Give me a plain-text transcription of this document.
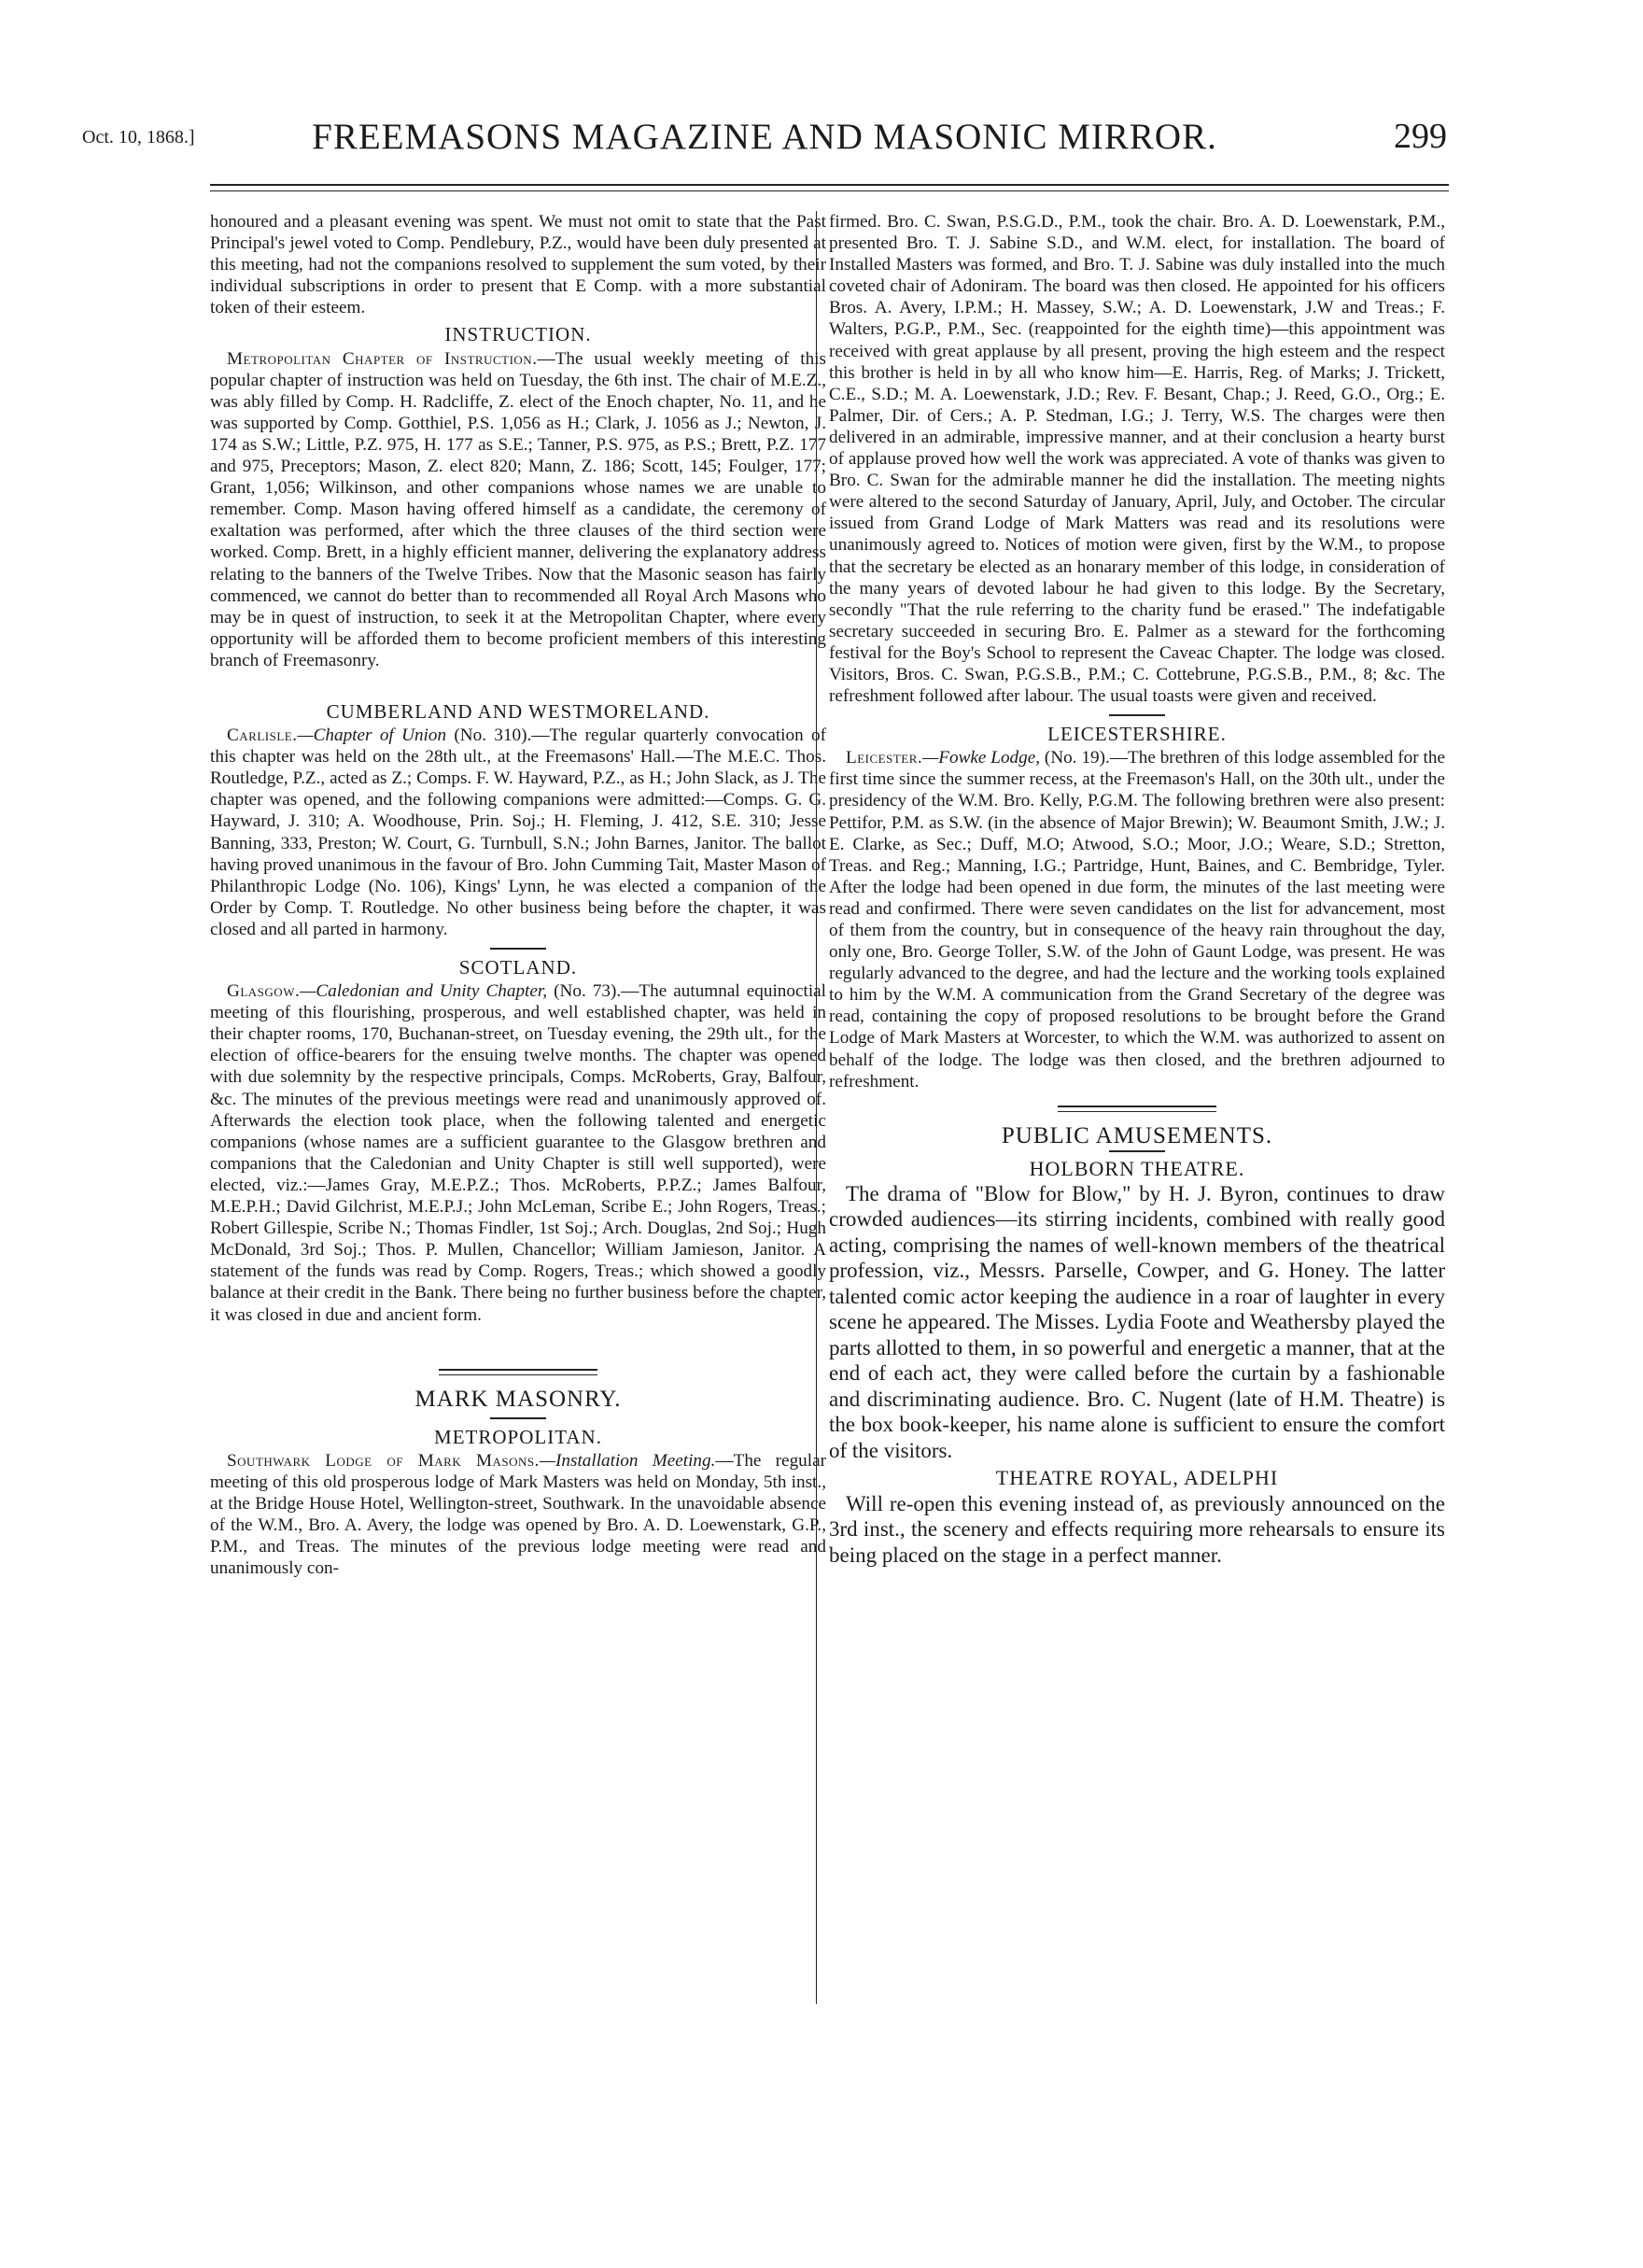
Oct. 10, 1868.]	FREEMASONS MAGAZINE AND MASONIC MIRROR.	299

honoured and a pleasant evening was spent. We must not omit to state that the Past Principal's jewel voted to Comp. Pendlebury, P.Z., would have been duly presented at this meeting, had not the companions resolved to supplement the sum voted, by their individual subscriptions in order to present that E Comp. with a more substantial token of their esteem.

INSTRUCTION.

Metropolitan Chapter of Instruction.—The usual weekly meeting of this popular chapter of instruction was held on Tuesday, the 6th inst. The chair of M.E.Z., was ably filled by Comp. H. Radcliffe, Z. elect of the Enoch chapter, No. 11, and he was supported by Comp. Gotthiel, P.S. 1,056 as H.; Clark, J. 1056 as J.; Newton, J. 174 as S.W.; Little, P.Z. 975, H. 177 as S.E.; Tanner, P.S. 975, as P.S.; Brett, P.Z. 177 and 975, Preceptors; Mason, Z. elect 820; Mann, Z. 186; Scott, 145; Foulger, 177; Grant, 1,056; Wilkinson, and other companions whose names we are unable to remember. Comp. Mason having offered himself as a candidate, the ceremony of exaltation was performed, after which the three clauses of the third section were worked. Comp. Brett, in a highly efficient manner, delivering the explanatory address relating to the banners of the Twelve Tribes. Now that the Masonic season has fairly commenced, we cannot do better than to recommended all Royal Arch Masons who may be in quest of instruction, to seek it at the Metropolitan Chapter, where every opportunity will be afforded them to become proficient members of this interesting branch of Freemasonry.

CUMBERLAND AND WESTMORELAND.

Carlisle.—Chapter of Union (No. 310).—The regular quarterly convocation of this chapter was held on the 28th ult., at the Freemasons' Hall.—The M.E.C. Thos. Routledge, P.Z., acted as Z.; Comps. F. W. Hayward, P.Z., as H.; John Slack, as J. The chapter was opened, and the following companions were admitted:—Comps. G. G. Hayward, J. 310; A. Woodhouse, Prin. Soj.; H. Fleming, J. 412, S.E. 310; Jesse Banning, 333, Preston; W. Court, G. Turnbull, S.N.; John Barnes, Janitor. The ballot having proved unanimous in the favour of Bro. John Cumming Tait, Master Mason of Philanthropic Lodge (No. 106), Kings' Lynn, he was elected a companion of the Order by Comp. T. Routledge. No other business being before the chapter, it was closed and all parted in harmony.

SCOTLAND.

Glasgow.—Caledonian and Unity Chapter, (No. 73).—The autumnal equinoctial meeting of this flourishing, prosperous, and well established chapter, was held in their chapter rooms, 170, Buchanan-street, on Tuesday evening, the 29th ult., for the election of office-bearers for the ensuing twelve months. The chapter was opened with due solemnity by the respective principals, Comps. McRoberts, Gray, Balfour, &c. The minutes of the previous meetings were read and unanimously approved of. Afterwards the election took place, when the following talented and energetic companions (whose names are a sufficient guarantee to the Glasgow brethren and companions that the Caledonian and Unity Chapter is still well supported), were elected, viz.:—James Gray, M.E.P.Z.; Thos. McRoberts, P.P.Z.; James Balfour, M.E.P.H.; David Gilchrist, M.E.P.J.; John McLeman, Scribe E.; John Rogers, Treas.; Robert Gillespie, Scribe N.; Thomas Findler, 1st Soj.; Arch. Douglas, 2nd Soj.; Hugh McDonald, 3rd Soj.; Thos. P. Mullen, Chancellor; William Jamieson, Janitor. A statement of the funds was read by Comp. Rogers, Treas.; which showed a goodly balance at their credit in the Bank. There being no further business before the chapter, it was closed in due and ancient form.

MARK MASONRY.
METROPOLITAN.

Southwark Lodge of Mark Masons.—Installation Meeting.—The regular meeting of this old prosperous lodge of Mark Masters was held on Monday, 5th inst., at the Bridge House Hotel, Wellington-street, Southwark. In the unavoidable absence of the W.M., Bro. A. Avery, the lodge was opened by Bro. A. D. Loewenstark, G.P., P.M., and Treas. The minutes of the previous lodge meeting were read and unanimously con-

firmed. Bro. C. Swan, P.S.G.D., P.M., took the chair. Bro. A. D. Loewenstark, P.M., presented Bro. T. J. Sabine S.D., and W.M. elect, for installation. The board of Installed Masters was formed, and Bro. T. J. Sabine was duly installed into the much coveted chair of Adoniram. The board was then closed. He appointed for his officers Bros. A. Avery, I.P.M.; H. Massey, S.W.; A. D. Loewenstark, J.W and Treas.; F. Walters, P.G.P., P.M., Sec. (reappointed for the eighth time)—this appointment was received with great applause by all present, proving the high esteem and the respect this brother is held in by all who know him—E. Harris, Reg. of Marks; J. Trickett, C.E., S.D.; M. A. Loewenstark, J.D.; Rev. F. Besant, Chap.; J. Reed, G.O., Org.; E. Palmer, Dir. of Cers.; A. P. Stedman, I.G.; J. Terry, W.S. The charges were then delivered in an admirable, impressive manner, and at their conclusion a hearty burst of applause proved how well the work was appreciated. A vote of thanks was given to Bro. C. Swan for the admirable manner he did the installation. The meeting nights were altered to the second Saturday of January, April, July, and October. The circular issued from Grand Lodge of Mark Matters was read and its resolutions were unanimously agreed to. Notices of motion were given, first by the W.M., to propose that the secretary be elected as an honarary member of this lodge, in consideration of the many years of devoted labour he had given to this lodge. By the Secretary, secondly "That the rule referring to the charity fund be erased." The indefatigable secretary succeeded in securing Bro. E. Palmer as a steward for the forthcoming festival for the Boy's School to represent the Caveac Chapter. The lodge was closed. Visitors, Bros. C. Swan, P.G.S.B., P.M.; C. Cottebrune, P.G.S.B., P.M., 8; &c. The refreshment followed after labour. The usual toasts were given and received.

LEICESTERSHIRE.

Leicester.—Fowke Lodge, (No. 19).—The brethren of this lodge assembled for the first time since the summer recess, at the Freemason's Hall, on the 30th ult., under the presidency of the W.M. Bro. Kelly, P.G.M. The following brethren were also present: Pettifor, P.M. as S.W. (in the absence of Major Brewin); W. Beaumont Smith, J.W.; J. E. Clarke, as Sec.; Duff, M.O; Atwood, S.O.; Moor, J.O.; Weare, S.D.; Stretton, Treas. and Reg.; Manning, I.G.; Partridge, Hunt, Baines, and C. Bembridge, Tyler. After the lodge had been opened in due form, the minutes of the last meeting were read and confirmed. There were seven candidates on the list for advancement, most of them from the country, but in consequence of the heavy rain throughout the day, only one, Bro. George Toller, S.W. of the John of Gaunt Lodge, was present. He was regularly advanced to the degree, and had the lecture and the working tools explained to him by the W.M. A communication from the Grand Secretary of the degree was read, containing the copy of proposed resolutions to be brought before the Grand Lodge of Mark Masters at Worcester, to which the W.M. was authorized to assent on behalf of the lodge. The lodge was then closed, and the brethren adjourned to refreshment.

PUBLIC AMUSEMENTS.
HOLBORN THEATRE.

The drama of "Blow for Blow," by H. J. Byron, continues to draw crowded audiences—its stirring incidents, combined with really good acting, comprising the names of well-known members of the theatrical profession, viz., Messrs. Parselle, Cowper, and G. Honey. The latter talented comic actor keeping the audience in a roar of laughter in every scene he appeared. The Misses. Lydia Foote and Weathersby played the parts allotted to them, in so powerful and energetic a manner, that at the end of each act, they were called before the curtain by a fashionable and discriminating audience. Bro. C. Nugent (late of H.M. Theatre) is the box book-keeper, his name alone is sufficient to ensure the comfort of the visitors.

THEATRE ROYAL, ADELPHI

Will re-open this evening instead of, as previously announced on the 3rd inst., the scenery and effects requiring more rehearsals to ensure its being placed on the stage in a perfect manner.
